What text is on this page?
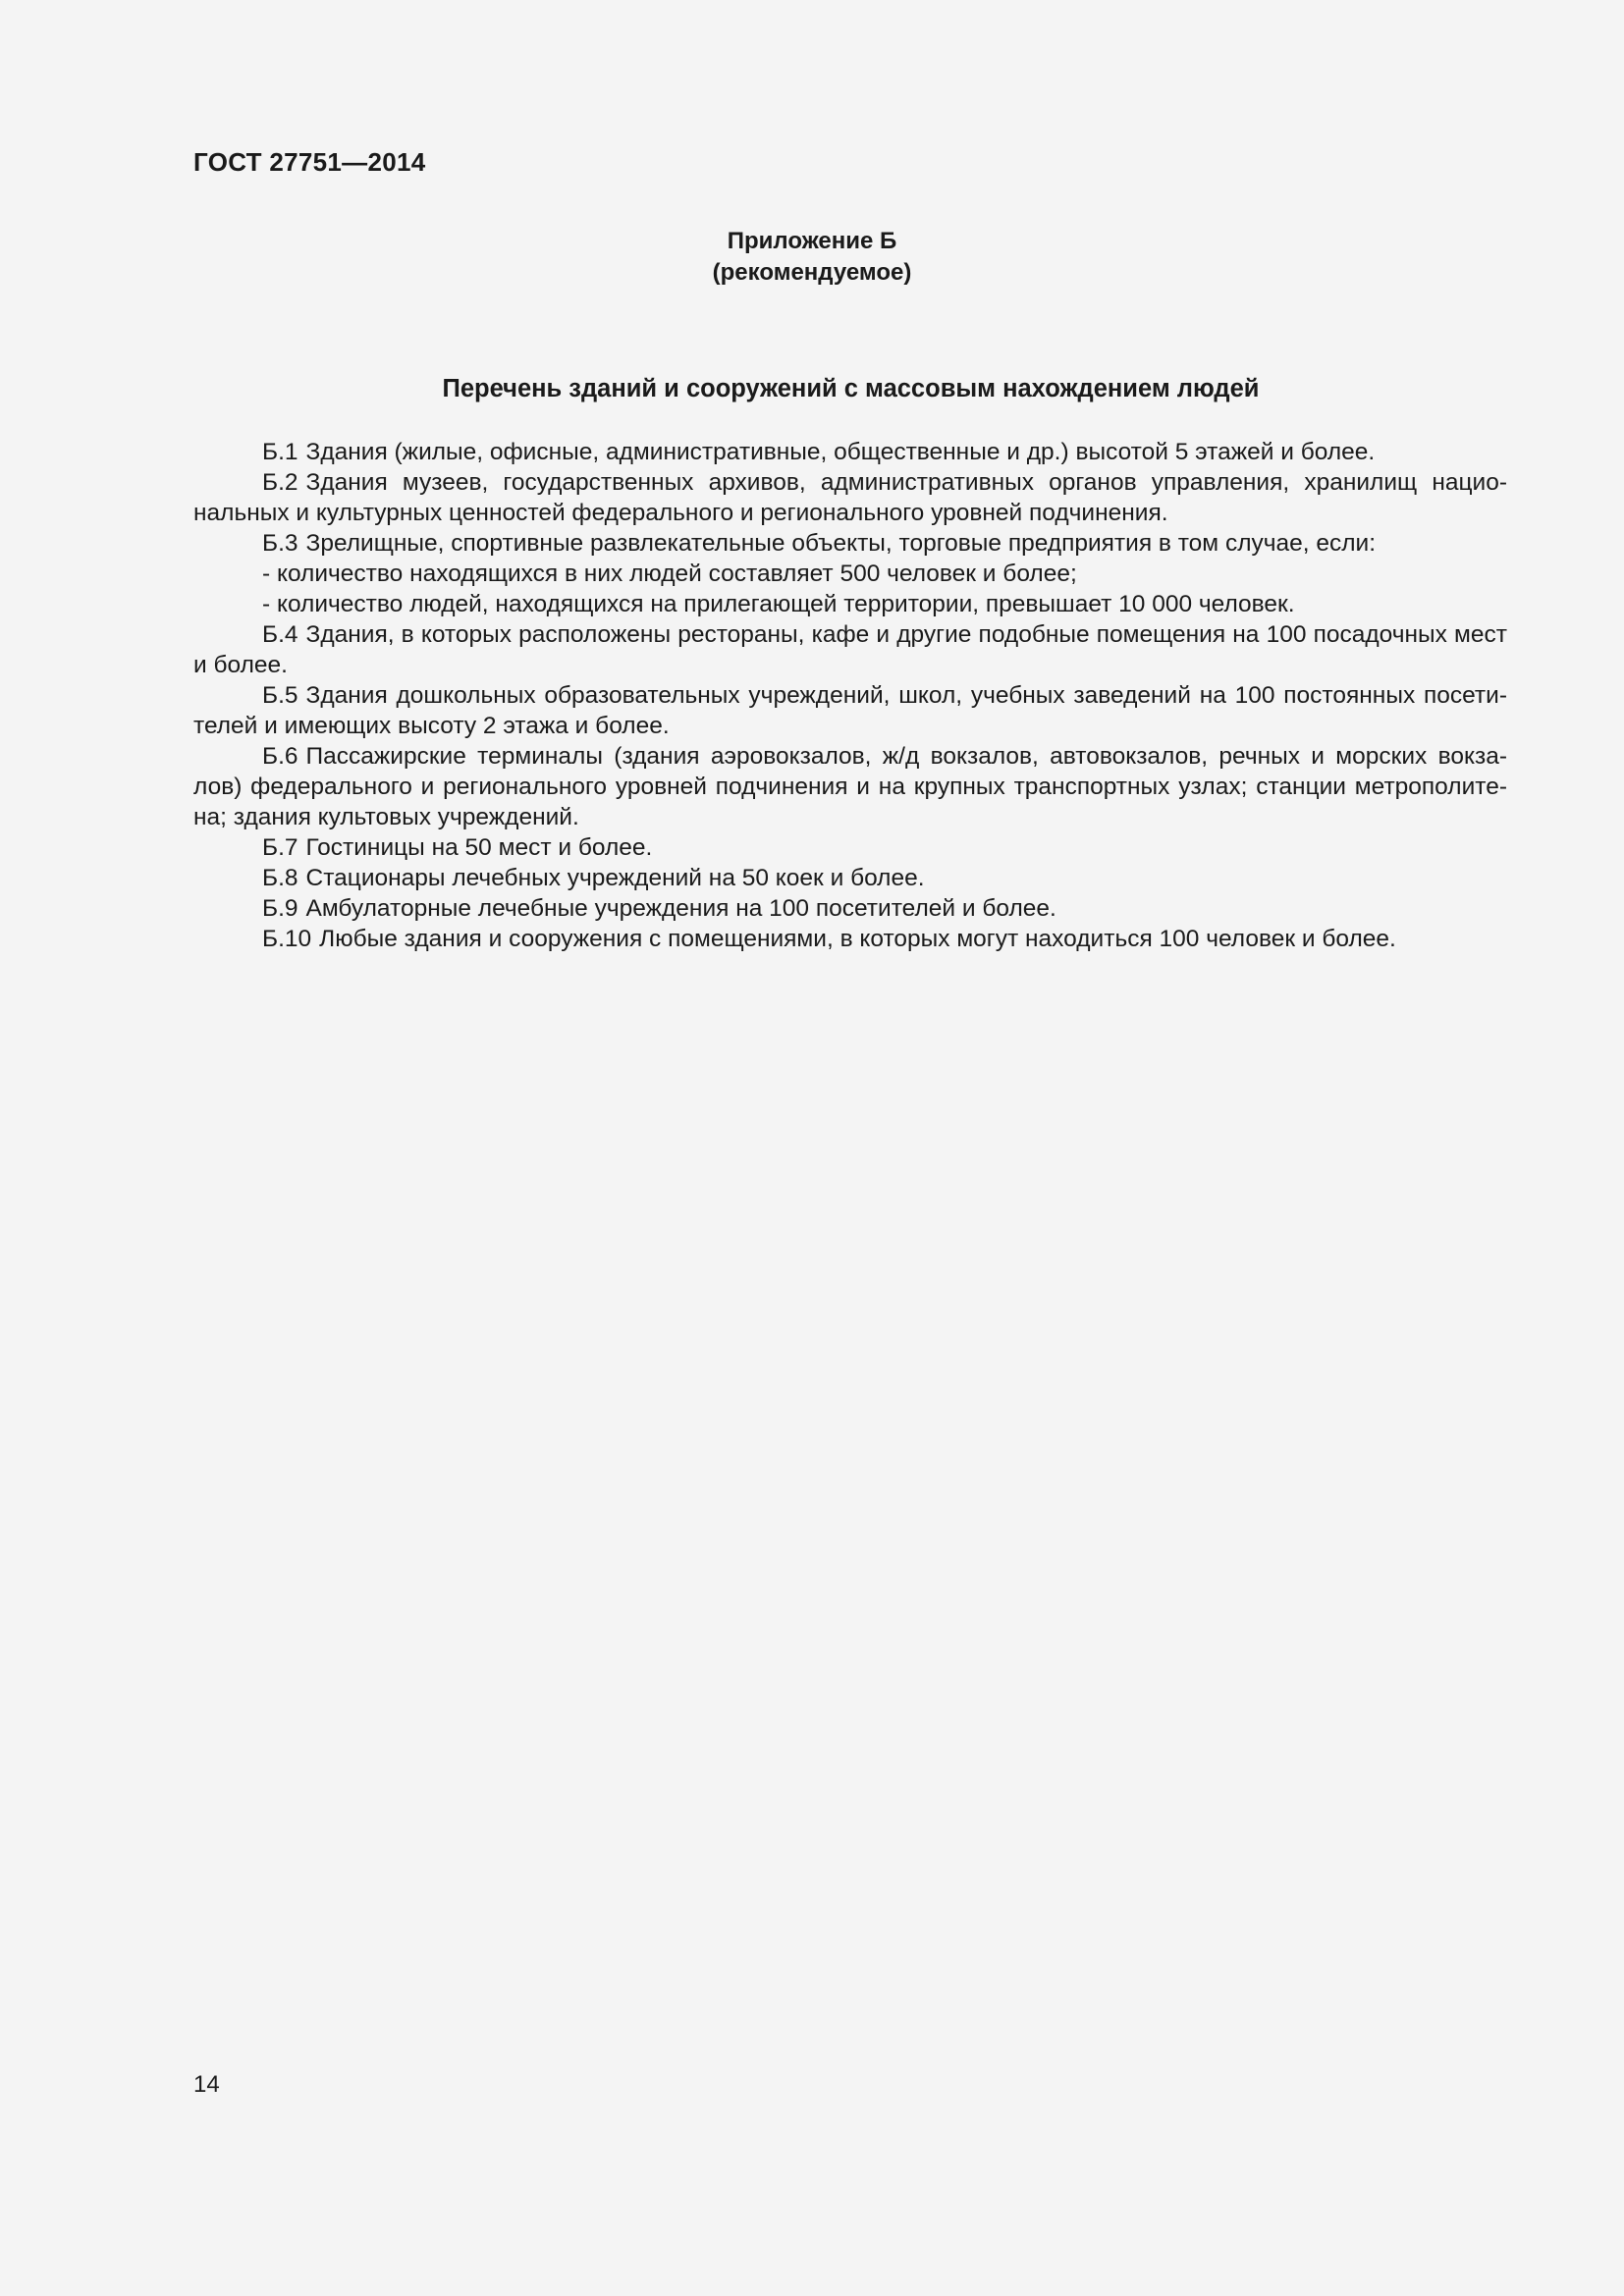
ГОСТ 27751—2014
Приложение Б
(рекомендуемое)
Перечень зданий и сооружений с массовым нахождением людей

Б.1 Здания (жилые, офисные, административные, общественные и др.) высотой 5 этажей и более.

Б.2 Здания музеев, государственных архивов, административных органов управления, хранилищ нацио-нальных и культурных ценностей федерального и регионального уровней подчинения.

Б.3 Зрелищные, спортивные развлекательные объекты, торговые предприятия в том случае, если:

- количество находящихся в них людей составляет 500 человек и более;

- количество людей, находящихся на прилегающей территории, превышает 10 000 человек.

Б.4 Здания, в которых расположены рестораны, кафе и другие подобные помещения на 100 посадочных мест и более.

Б.5 Здания дошкольных образовательных учреждений, школ, учебных заведений на 100 постоянных посети-телей и имеющих высоту 2 этажа и более.

Б.6 Пассажирские терминалы (здания аэровокзалов, ж/д вокзалов, автовокзалов, речных и морских вокза-лов) федерального и регионального уровней подчинения и на крупных транспортных узлах; станции метрополите-на; здания культовых учреждений.

Б.7 Гостиницы на 50 мест и более.

Б.8 Стационары лечебных учреждений на 50 коек и более.

Б.9 Амбулаторные лечебные учреждения на 100 посетителей и более.

Б.10 Любые здания и сооружения с помещениями, в которых могут находиться 100 человек и более.

14
